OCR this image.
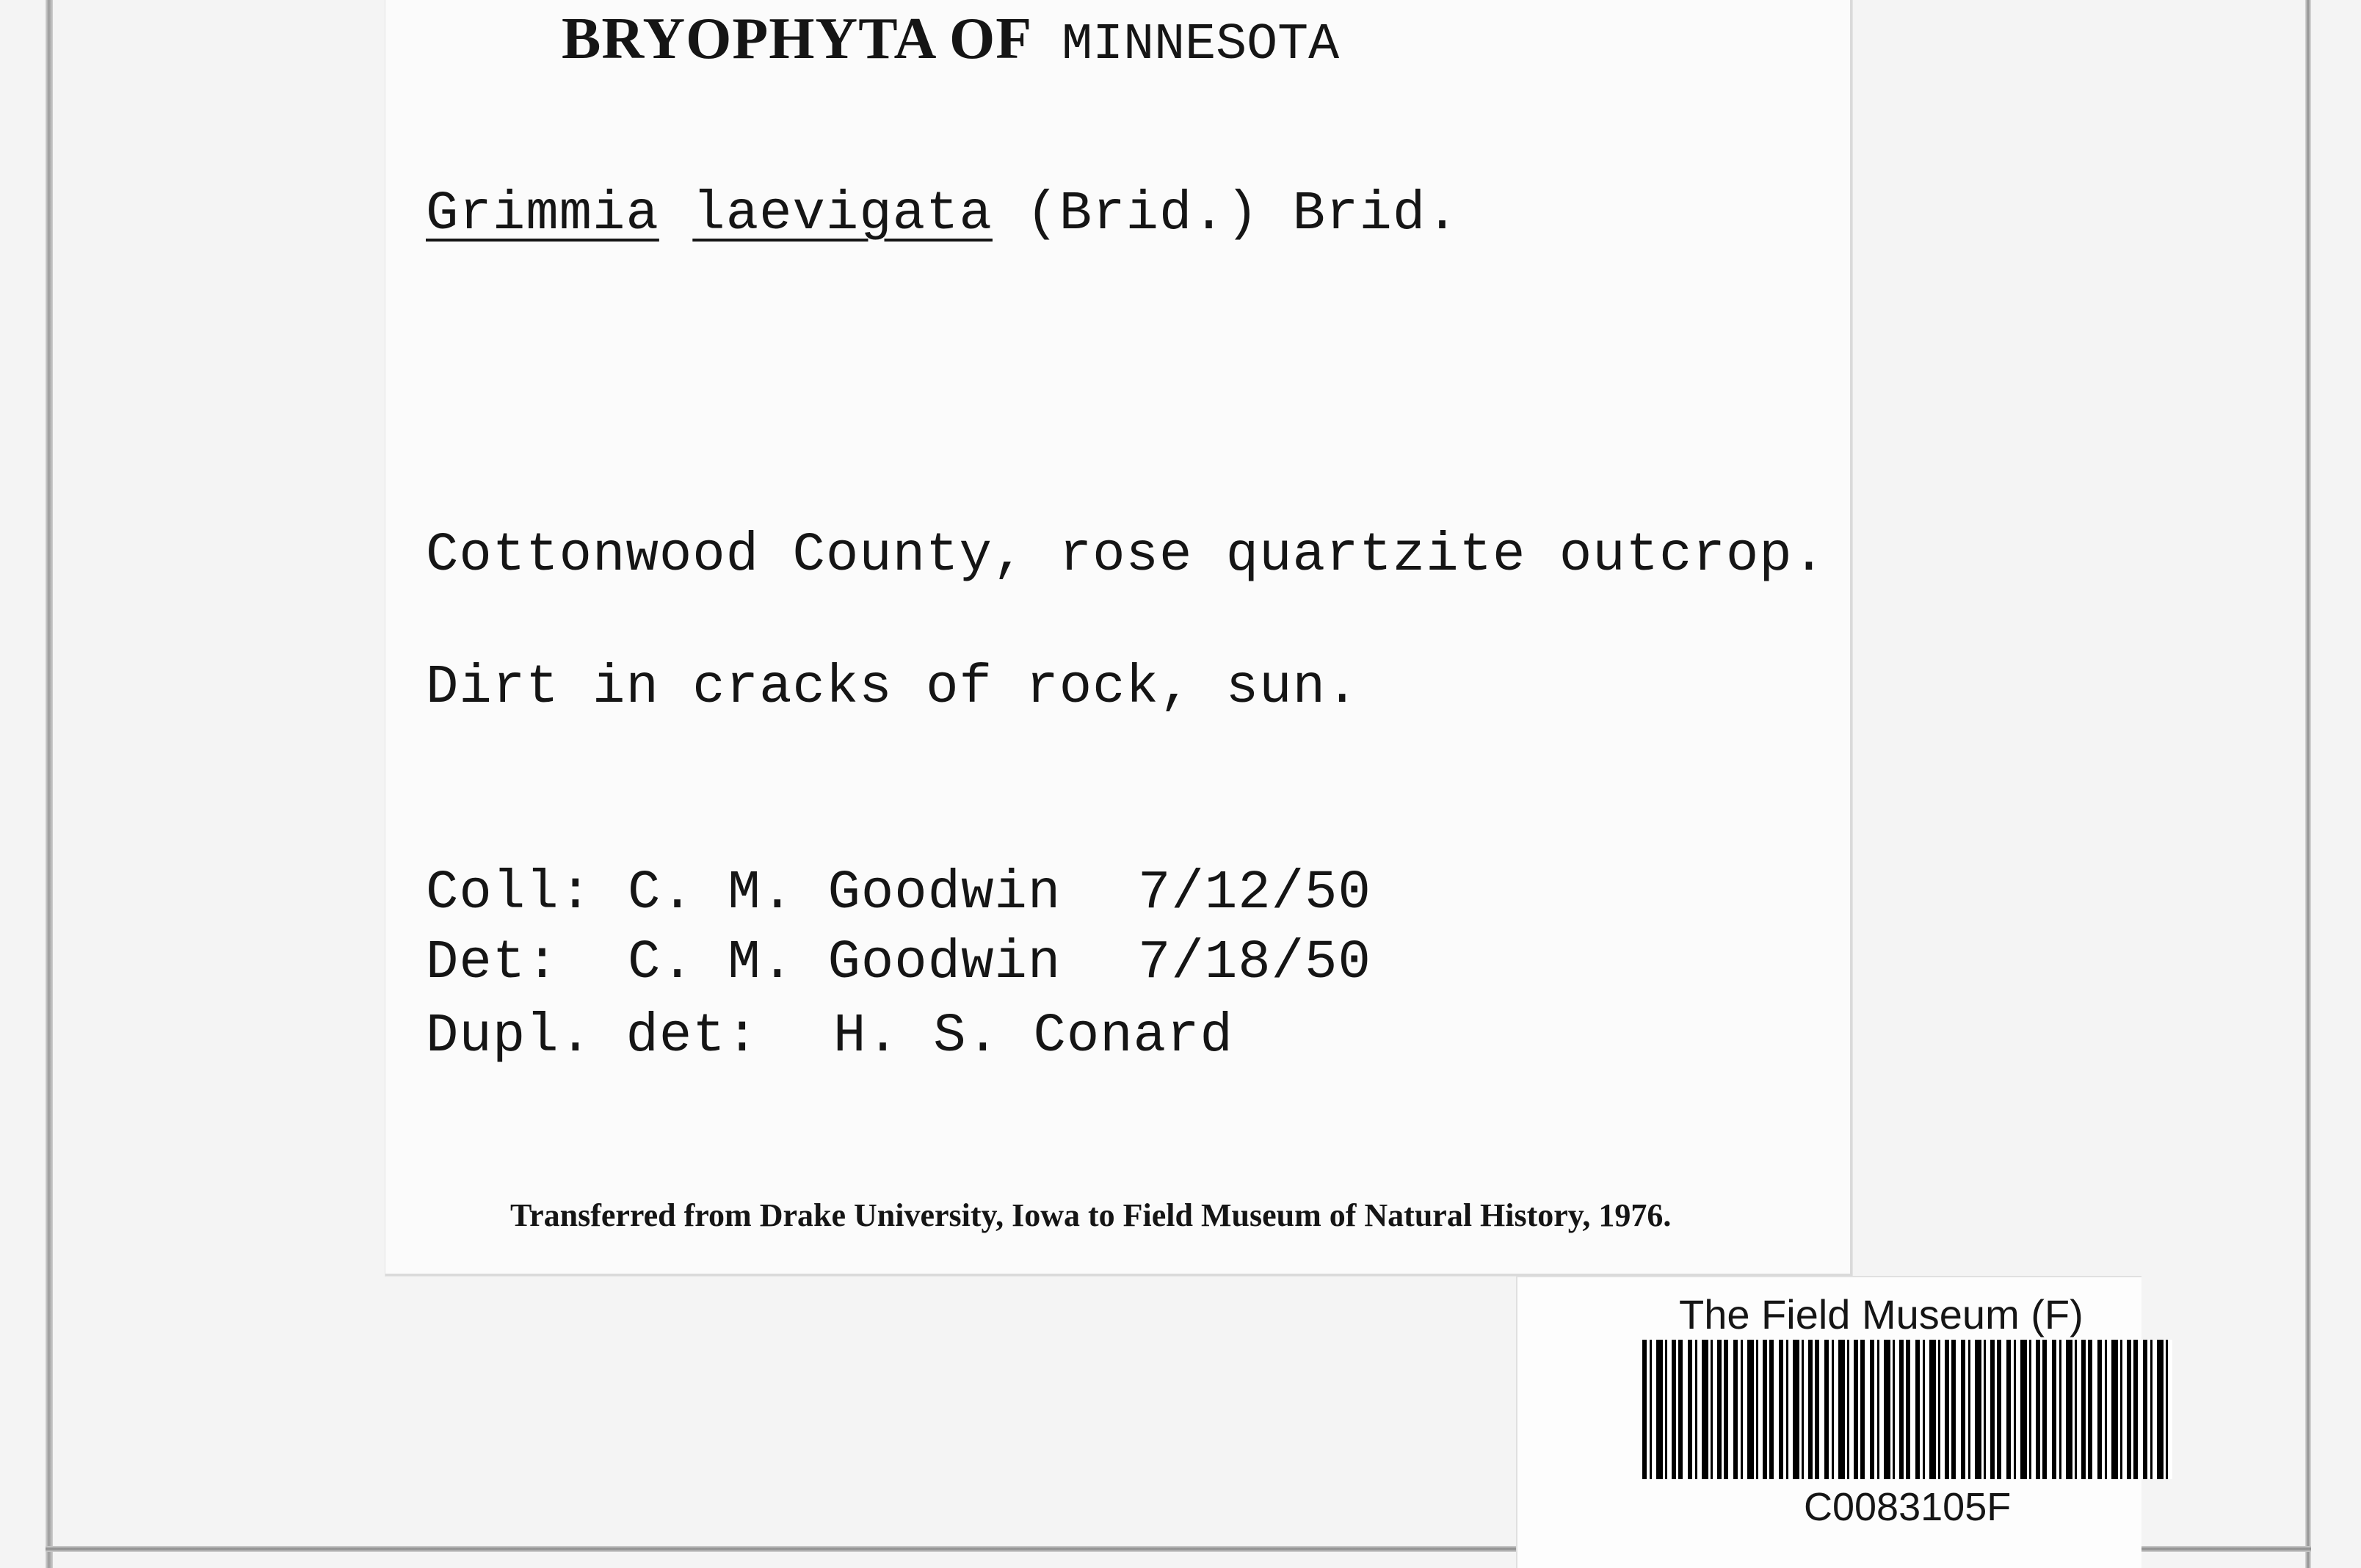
BRYOPHYTA OF MINNESOTA
Grimmia laevigata (Brid.) Brid.
Cottonwood County, rose quartzite outcrop.
Dirt in cracks of rock, sun.
Coll: C. M. Goodwin 7/12/50
Det: C. M. Goodwin 7/18/50
Dupl. det: H. S. Conard
Transferred from Drake University, Iowa to Field Museum of Natural History, 1976.
The Field Museum (F)
C0083105F
